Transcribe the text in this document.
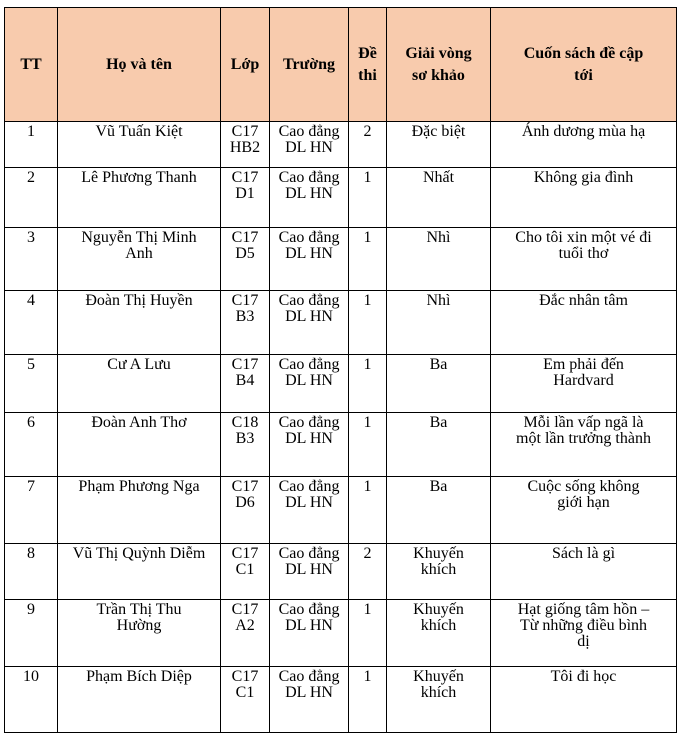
TT	Họ và tên	Lớp	Trường	Đề
thi	Giải vòng
sơ khảo	Cuốn sách đề cập
tới

1	Vũ Tuấn Kiệt	C17
HB2	Cao đẳng
DL HN	2	Đặc biệt	Ánh dương mùa hạ

2	Lê Phương Thanh	C17
D1	Cao đẳng
DL HN	1	Nhất	Không gia đình

3	Nguyễn Thị Minh
Anh	C17
D5	Cao đẳng
DL HN	1	Nhì	Cho tôi xin một vé đi
tuổi thơ

4	Đoàn Thị Huyền	C17
B3	Cao đẳng
DL HN	1	Nhì	Đắc nhân tâm

5	Cư A Lưu	C17
B4	Cao đẳng
DL HN	1	Ba	Em phải đến
Hardvard

6	Đoàn Anh Thơ	C18
B3	Cao đẳng
DL HN	1	Ba	Mỗi lần vấp ngã là
một lần trưởng thành

7	Phạm Phương Nga	C17
D6	Cao đẳng
DL HN	1	Ba	Cuộc sống không
giới hạn

8	Vũ Thị Quỳnh Diễm	C17
C1	Cao đẳng
DL HN	2	Khuyến
khích	Sách là gì

9	Trần Thị Thu
Hường	C17
A2	Cao đẳng
DL HN	1	Khuyến
khích	Hạt giống tâm hồn –
Từ những điều bình
dị

10	Phạm Bích Diệp	C17
C1	Cao đẳng
DL HN	1	Khuyến
khích	Tôi đi học
